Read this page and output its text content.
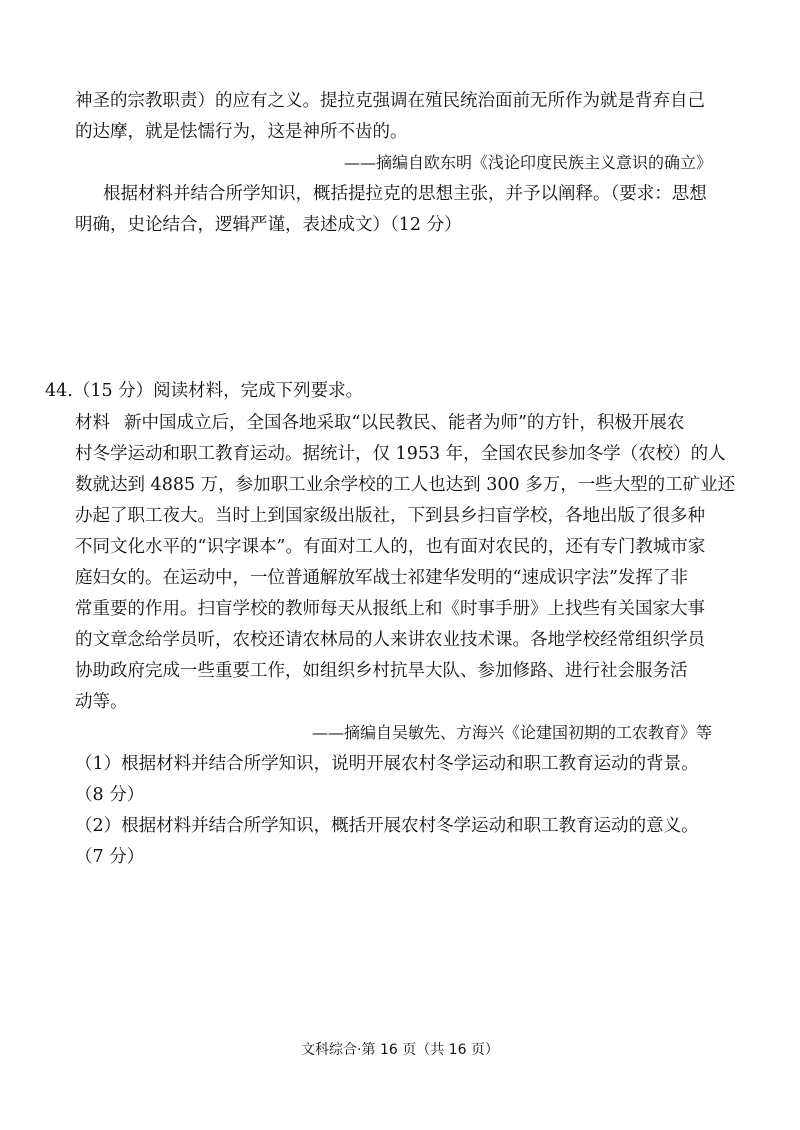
神圣的宗教职责）的应有之义。提拉克强调在殖民统治面前无所作为就是背弃自己
的达摩，就是怯懦行为，这是神所不齿的。
——摘编自欧东明《浅论印度民族主义意识的确立》
根据材料并结合所学知识，概括提拉克的思想主张，并予以阐释。（要求：思想
明确，史论结合，逻辑严谨，表述成文）（12 分）
44.（15 分）阅读材料，完成下列要求。
材料 新中国成立后，全国各地采取“以民教民、能者为师”的方针，积极开展农
村冬学运动和职工教育运动。据统计，仅 1953 年，全国农民参加冬学（农校）的人
数就达到 4885 万，参加职工业余学校的工人也达到 300 多万，一些大型的工矿业还
办起了职工夜大。当时上到国家级出版社，下到县乡扫盲学校，各地出版了很多种
不同文化水平的“识字课本”。有面对工人的，也有面对农民的，还有专门教城市家
庭妇女的。在运动中，一位普通解放军战士祁建华发明的“速成识字法”发挥了非
常重要的作用。扫盲学校的教师每天从报纸上和《时事手册》上找些有关国家大事
的文章念给学员听，农校还请农林局的人来讲农业技术课。各地学校经常组织学员
协助政府完成一些重要工作，如组织乡村抗旱大队、参加修路、进行社会服务活
动等。
——摘编自吴敏先、方海兴《论建国初期的工农教育》等
（1）根据材料并结合所学知识，说明开展农村冬学运动和职工教育运动的背景。
（8 分）
（2）根据材料并结合所学知识，概括开展农村冬学运动和职工教育运动的意义。
（7 分）
文科综合·第 16 页（共 16 页）
